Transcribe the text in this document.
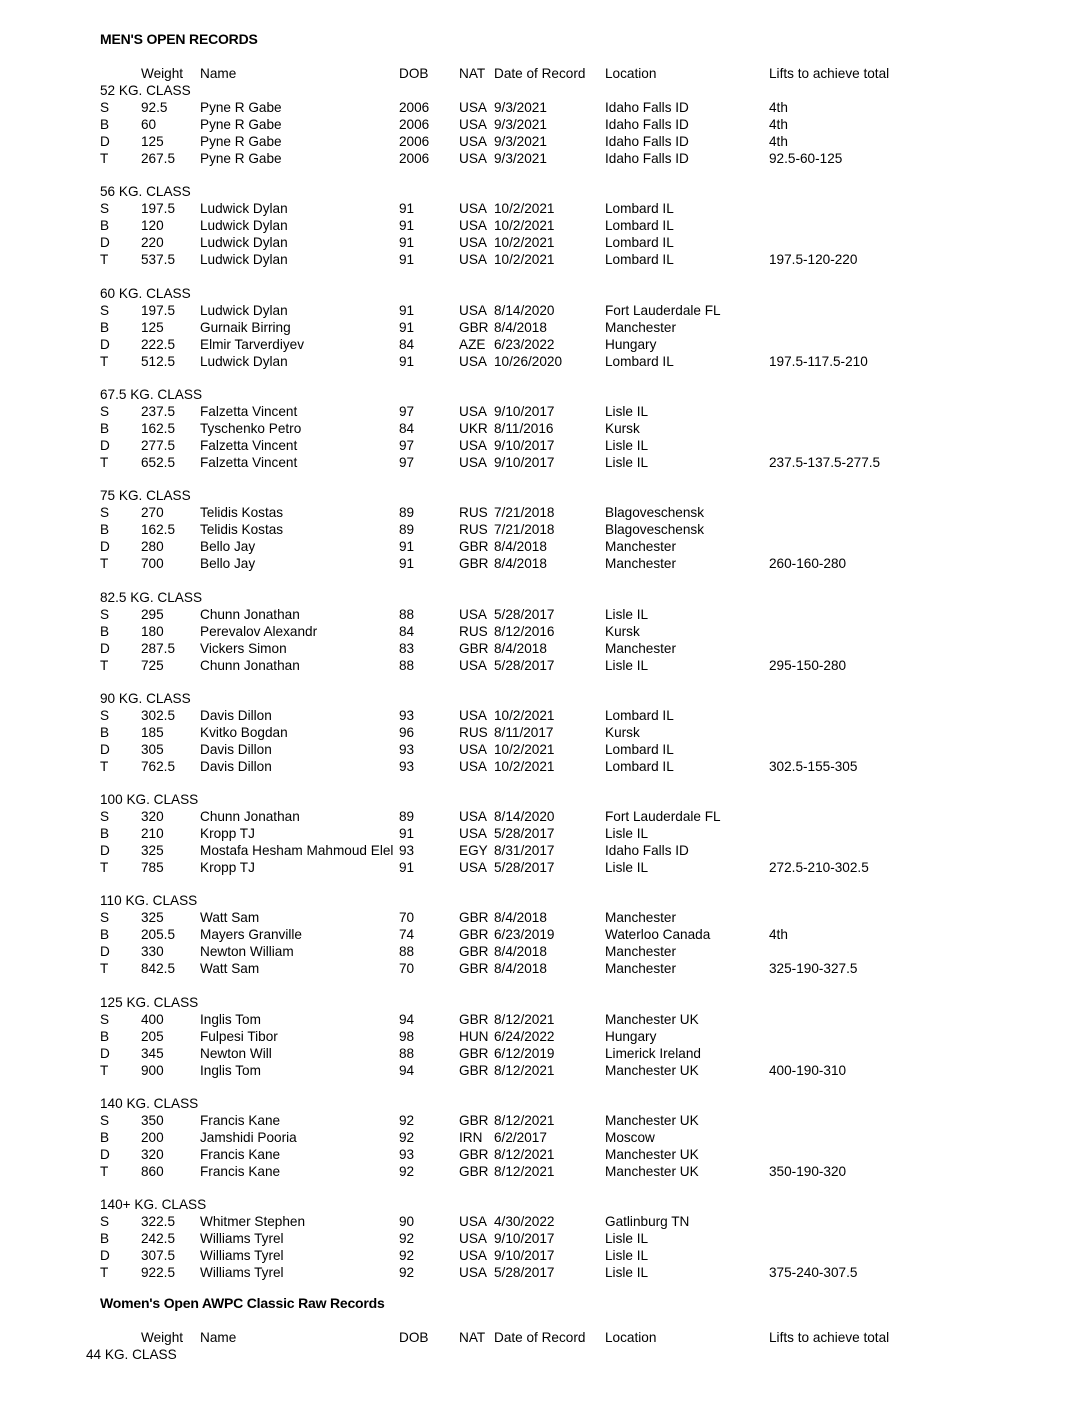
MEN'S OPEN RECORDS
Weight Name	DOB NAT Date of Record Location	Lifts to achieve total
52 KG. CLASS
S 92.5 Pyne R Gabe	2006 USA 9/3/2021	Idaho Falls ID	4th
B 60	Pyne R Gabe	2006 USA 9/3/2021	Idaho Falls ID	4th
D 125	Pyne R Gabe	2006 USA 9/3/2021	Idaho Falls ID	4th
T 267.5 Pyne R Gabe	2006 USA 9/3/2021	Idaho Falls ID	92.5-60-125
56 KG. CLASS
S 197.5 Ludwick Dylan	91	USA 10/2/2021	Lombard IL
B 120	Ludwick Dylan	91	USA 10/2/2021	Lombard IL
D 220	Ludwick Dylan	91	USA 10/2/2021	Lombard IL
T 537.5 Ludwick Dylan	91	USA 10/2/2021	Lombard IL	197.5-120-220
60 KG. CLASS
S 197.5 Ludwick Dylan	91	USA 8/14/2020	Fort Lauderdale FL
B 125	Gurnaik Birring	91	GBR 8/4/2018	Manchester
D 222.5 Elmir Tarverdiyev	84	AZE 6/23/2022	Hungary
T 512.5 Ludwick Dylan	91	USA 10/26/2020	Lombard IL	197.5-117.5-210
67.5 KG. CLASS
S 237.5 Falzetta Vincent	97	USA 9/10/2017	Lisle IL
B 162.5 Tyschenko Petro	84	UKR 8/11/2016	Kursk
D 277.5 Falzetta Vincent	97	USA 9/10/2017	Lisle IL
T 652.5 Falzetta Vincent	97	USA 9/10/2017	Lisle IL	237.5-137.5-277.5
75 KG. CLASS
S 270	Telidis Kostas	89	RUS 7/21/2018	Blagoveschensk
B 162.5 Telidis Kostas	89	RUS 7/21/2018	Blagoveschensk
D 280	Bello Jay	91	GBR 8/4/2018	Manchester
T 700	Bello Jay	91	GBR 8/4/2018	Manchester	260-160-280
82.5 KG. CLASS
S 295	Chunn Jonathan	88	USA 5/28/2017	Lisle IL
B 180	Perevalov Alexandr	84	RUS 8/12/2016	Kursk
D 287.5 Vickers Simon	83	GBR 8/4/2018	Manchester
T 725	Chunn Jonathan	88	USA 5/28/2017	Lisle IL	295-150-280
90 KG. CLASS
S 302.5 Davis Dillon	93	USA 10/2/2021	Lombard IL
B 185	Kvitko Bogdan	96	RUS 8/11/2017	Kursk
D 305	Davis Dillon	93	USA 10/2/2021	Lombard IL
T 762.5 Davis Dillon	93	USA 10/2/2021	Lombard IL	302.5-155-305
100 KG. CLASS
S 320	Chunn Jonathan	89	USA 8/14/2020	Fort Lauderdale FL
B 210	Kropp TJ	91	USA 5/28/2017	Lisle IL
D 325	Mostafa Hesham Mahmoud Elel 93	EGY 8/31/2017	Idaho Falls ID
T 785	Kropp TJ	91	USA 5/28/2017	Lisle IL	272.5-210-302.5
110 KG. CLASS
S 325	Watt Sam	70	GBR 8/4/2018	Manchester
B 205.5 Mayers Granville	74	GBR 6/23/2019	Waterloo Canada	4th
D 330	Newton William	88	GBR 8/4/2018	Manchester
T 842.5 Watt Sam	70	GBR 8/4/2018	Manchester	325-190-327.5
125 KG. CLASS
S 400	Inglis Tom	94	GBR 8/12/2021	Manchester UK
B 205	Fulpesi Tibor	98	HUN 6/24/2022	Hungary
D 345	Newton Will	88	GBR 6/12/2019	Limerick Ireland
T 900	Inglis Tom	94	GBR 8/12/2021	Manchester UK	400-190-310
140 KG. CLASS
S 350	Francis Kane	92	GBR 8/12/2021	Manchester UK
B 200	Jamshidi Pooria	92	IRN 6/2/2017	Moscow
D 320	Francis Kane	93	GBR 8/12/2021	Manchester UK
T 860	Francis Kane	92	GBR 8/12/2021	Manchester UK	350-190-320
140+ KG. CLASS
S 322.5 Whitmer Stephen	90	USA 4/30/2022	Gatlinburg TN
B 242.5 Williams Tyrel	92	USA 9/10/2017	Lisle IL
D 307.5 Williams Tyrel	92	USA 9/10/2017	Lisle IL
T 922.5 Williams Tyrel	92	USA 5/28/2017	Lisle IL	375-240-307.5
Women's Open AWPC Classic Raw Records
Weight Name	DOB NAT Date of Record Location	Lifts to achieve total
44 KG. CLASS
